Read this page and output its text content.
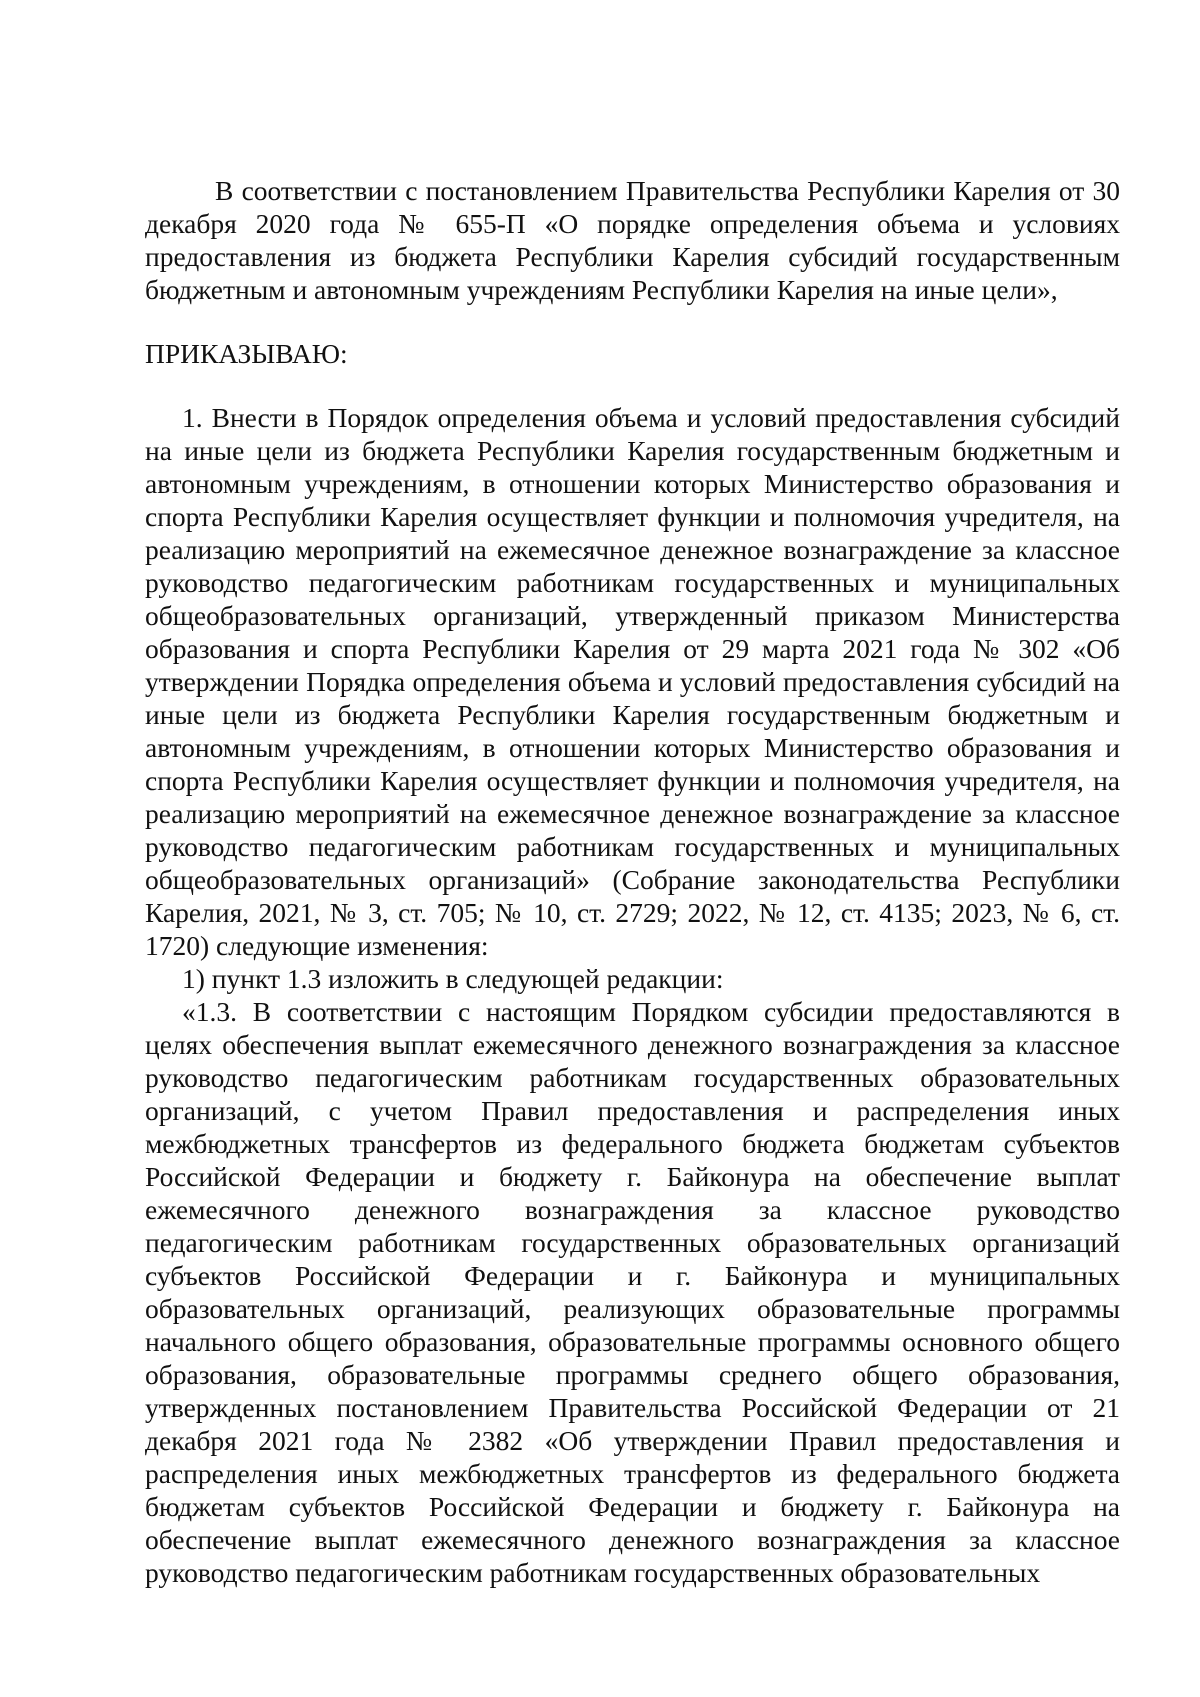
В соответствии с постановлением Правительства Республики Карелия от 30 декабря 2020 года № 655-П «О порядке определения объема и условиях предоставления из бюджета Республики Карелия субсидий государственным бюджетным и автономным учреждениям Республики Карелия на иные цели»,

ПРИКАЗЫВАЮ:

1. Внести в Порядок определения объема и условий предоставления субсидий на иные цели из бюджета Республики Карелия государственным бюджетным и автономным учреждениям, в отношении которых Министерство образования и спорта Республики Карелия осуществляет функции и полномочия учредителя, на реализацию мероприятий на ежемесячное денежное вознаграждение за классное руководство педагогическим работникам государственных и муниципальных общеобразовательных организаций, утвержденный приказом Министерства образования и спорта Республики Карелия от 29 марта 2021 года № 302 «Об утверждении Порядка определения объема и условий предоставления субсидий на иные цели из бюджета Республики Карелия государственным бюджетным и автономным учреждениям, в отношении которых Министерство образования и спорта Республики Карелия осуществляет функции и полномочия учредителя, на реализацию мероприятий на ежемесячное денежное вознаграждение за классное руководство педагогическим работникам государственных и муниципальных общеобразовательных организаций» (Собрание законодательства Республики Карелия, 2021, № 3, ст. 705; № 10, ст. 2729; 2022, № 12, ст. 4135; 2023, № 6, ст. 1720) следующие изменения:

1) пункт 1.3 изложить в следующей редакции:

«1.3. В соответствии с настоящим Порядком субсидии предоставляются в целях обеспечения выплат ежемесячного денежного вознаграждения за классное руководство педагогическим работникам государственных образовательных организаций, с учетом Правил предоставления и распределения иных межбюджетных трансфертов из федерального бюджета бюджетам субъектов Российской Федерации и бюджету г. Байконура на обеспечение выплат ежемесячного денежного вознаграждения за классное руководство педагогическим работникам государственных образовательных организаций субъектов Российской Федерации и г. Байконура и муниципальных образовательных организаций, реализующих образовательные программы начального общего образования, образовательные программы основного общего образования, образовательные программы среднего общего образования, утвержденных постановлением Правительства Российской Федерации от 21 декабря 2021 года № 2382 «Об утверждении Правил предоставления и распределения иных межбюджетных трансфертов из федерального бюджета бюджетам субъектов Российской Федерации и бюджету г. Байконура на обеспечение выплат ежемесячного денежного вознаграждения за классное руководство педагогическим работникам государственных образовательных
